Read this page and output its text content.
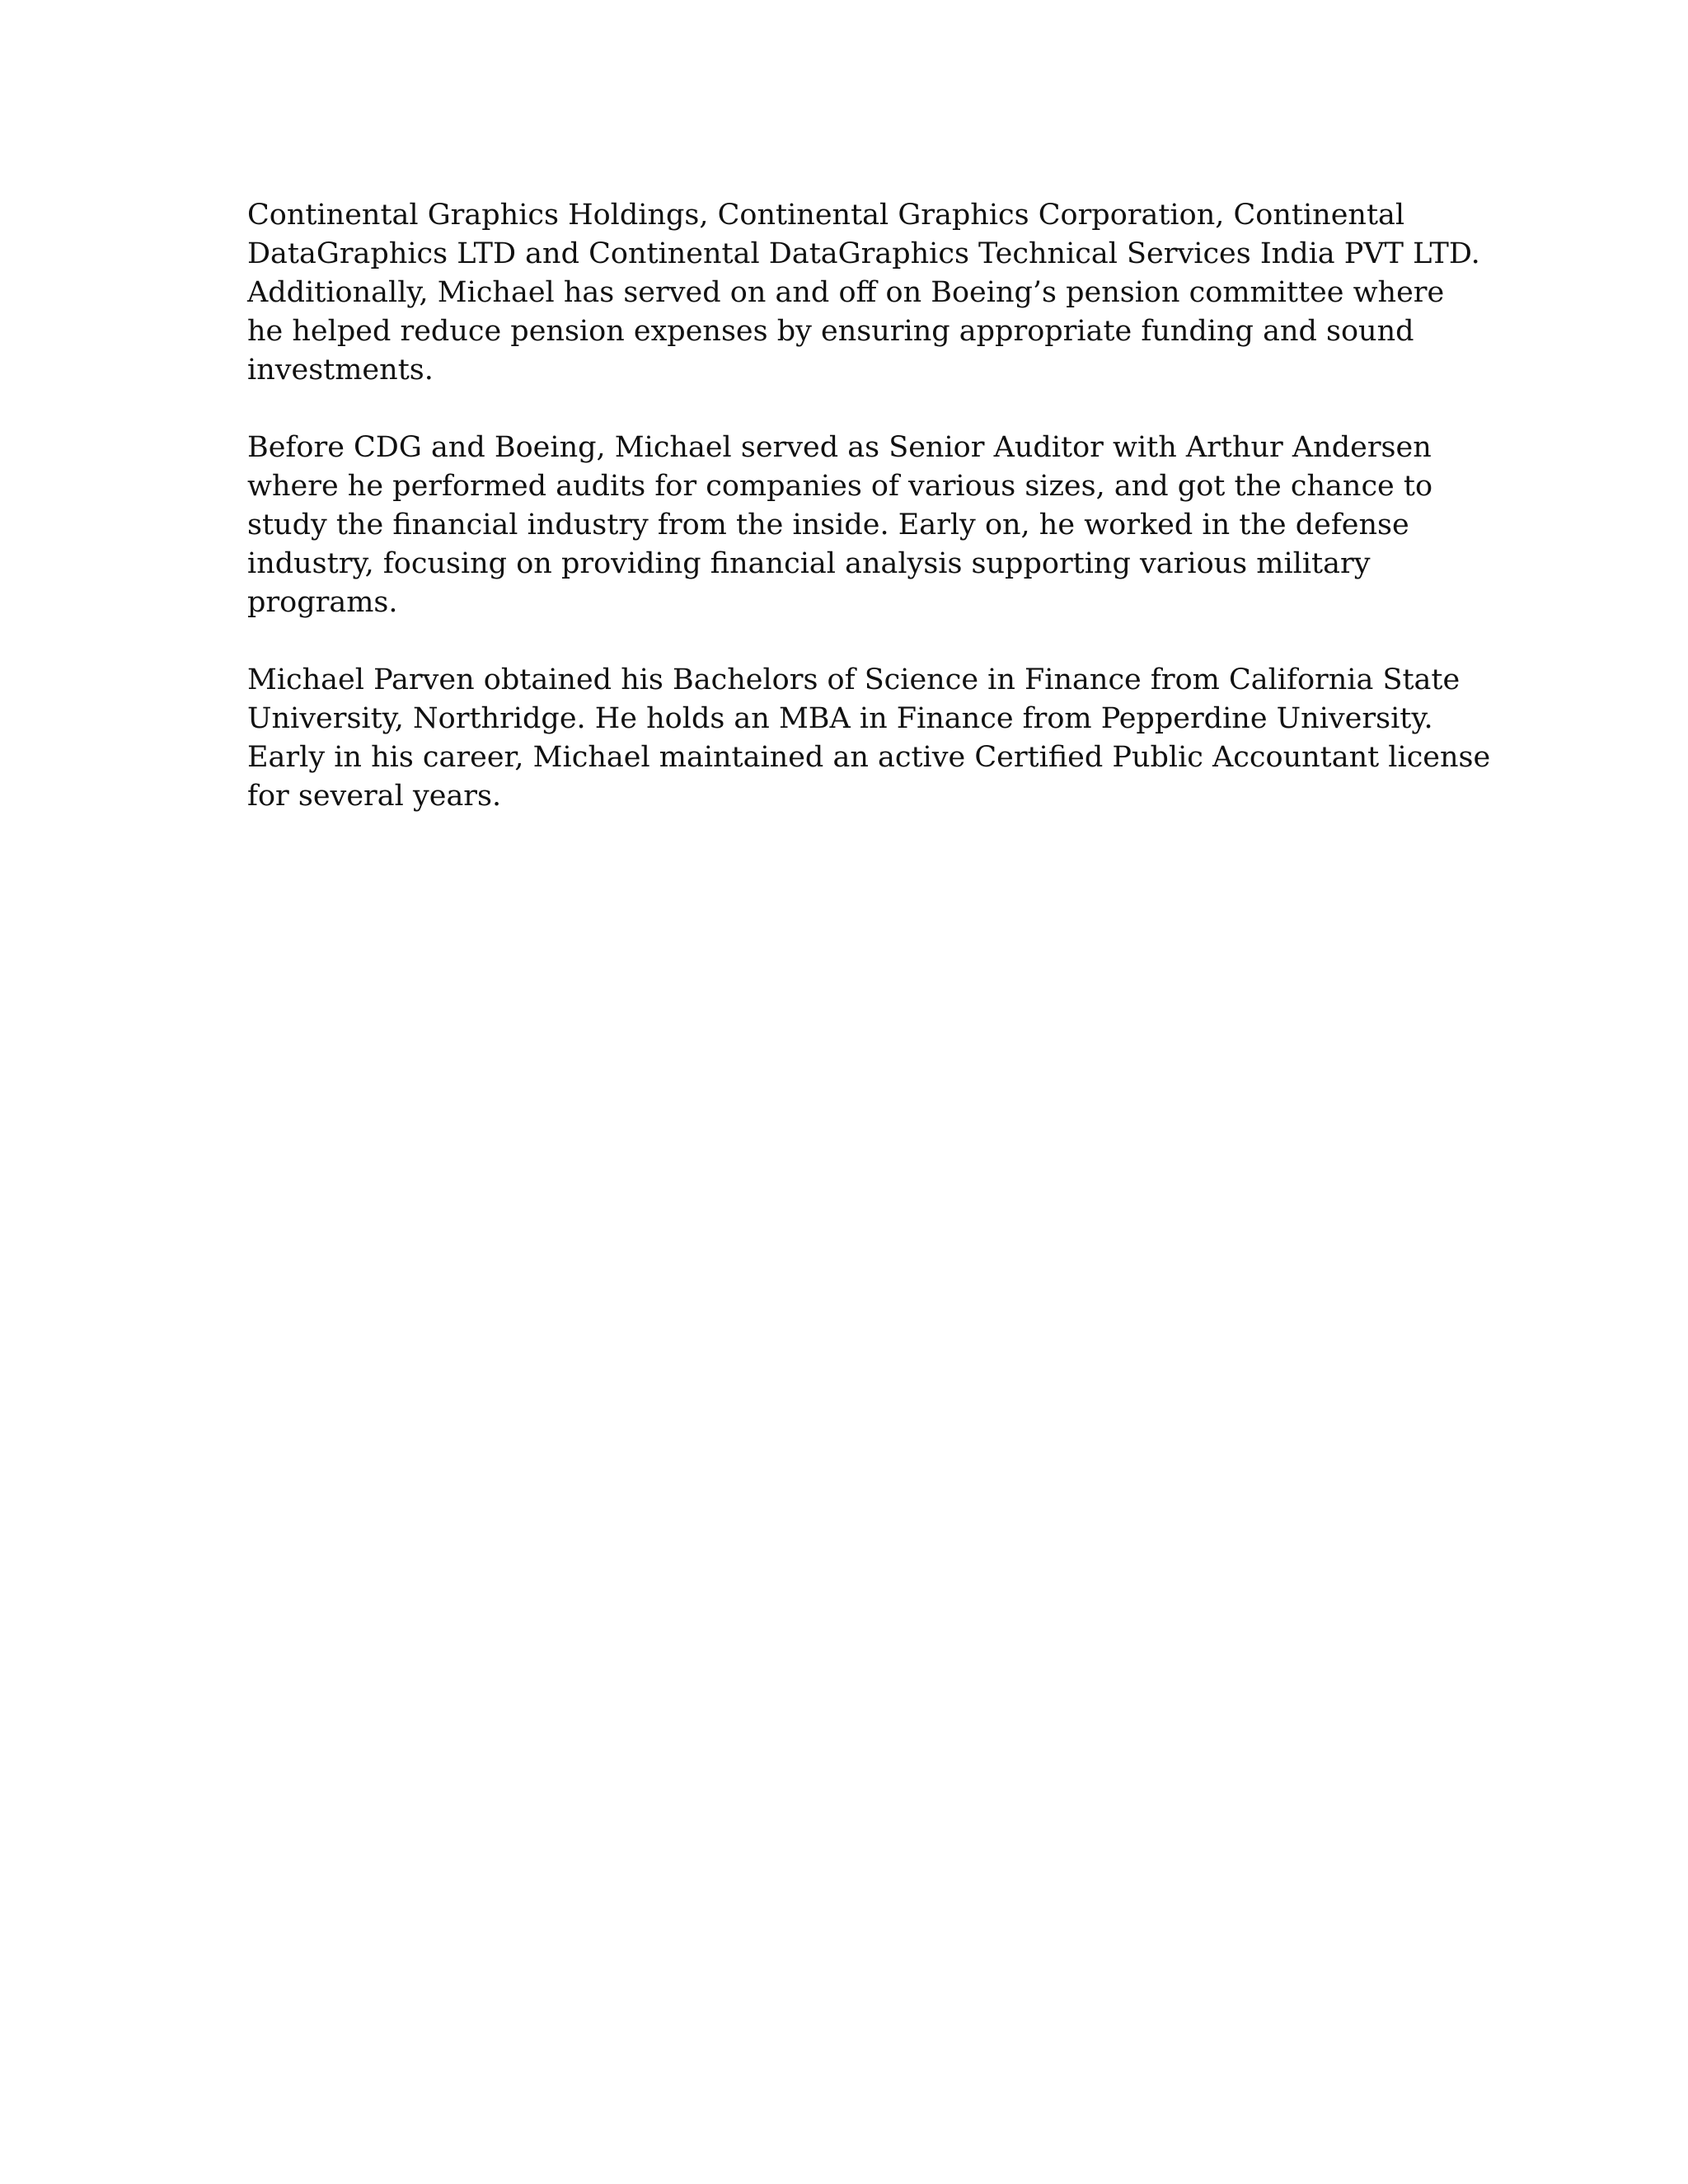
Continental Graphics Holdings, Continental Graphics Corporation, Continental
DataGraphics LTD and Continental DataGraphics Technical Services India PVT LTD.
Additionally, Michael has served on and off on Boeing’s pension committee where
he helped reduce pension expenses by ensuring appropriate funding and sound
investments.

Before CDG and Boeing, Michael served as Senior Auditor with Arthur Andersen
where he performed audits for companies of various sizes, and got the chance to
study the financial industry from the inside. Early on, he worked in the defense
industry, focusing on providing financial analysis supporting various military
programs.

Michael Parven obtained his Bachelors of Science in Finance from California State
University, Northridge. He holds an MBA in Finance from Pepperdine University.
Early in his career, Michael maintained an active Certified Public Accountant license
for several years.
